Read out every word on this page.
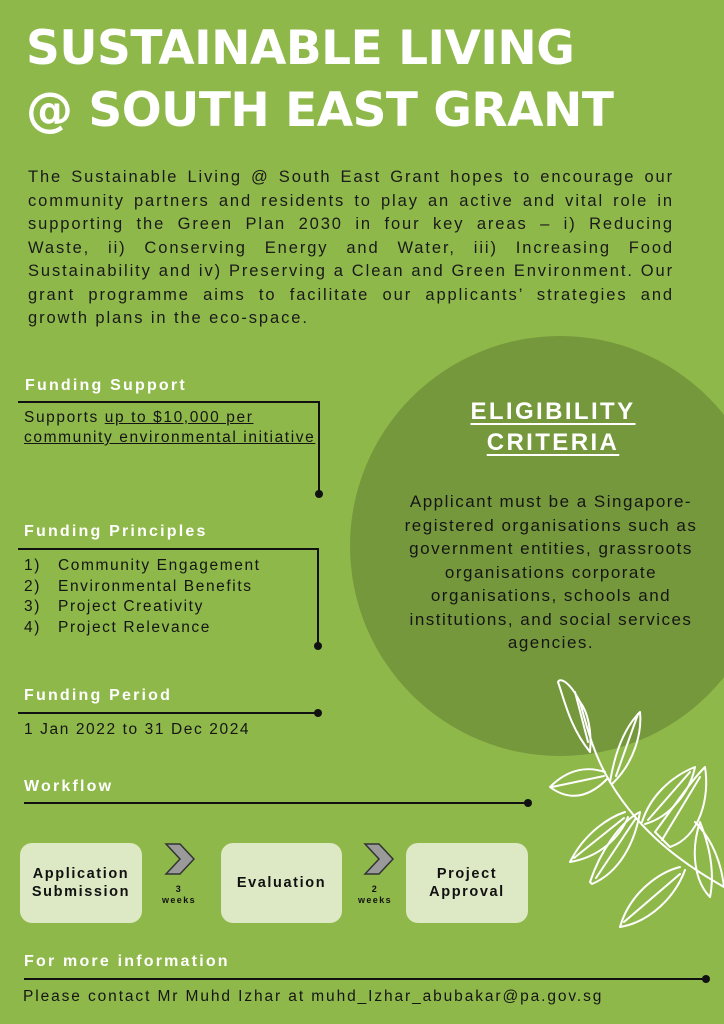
SUSTAINABLE LIVING
@ SOUTH EAST GRANT
The Sustainable Living @ South East Grant hopes to encourage our community partners and residents to play an active and vital role in supporting the Green Plan 2030 in four key areas – i) Reducing Waste, ii) Conserving Energy and Water, iii) Increasing Food Sustainability and iv) Preserving a Clean and Green Environment. Our grant programme aims to facilitate our applicants’ strategies and growth plans in the eco-space.
ELIGIBILITY
CRITERIA
Applicant must be a Singapore-registered organisations such as government entities, grassroots organisations corporate organisations, schools and institutions, and social services agencies.
Funding Support
Supports up to $10,000 per community environmental initiative
Funding Principles
1) Community Engagement
2) Environmental Benefits
3) Project Creativity
4) Project Relevance
Funding Period
1 Jan 2022 to 31 Dec 2024
Workflow
Application
Submission	3
weeks
Evaluation	2
weeks
Project
Approval
For more information
Please contact Mr Muhd Izhar at muhd_Izhar_abubakar@pa.gov.sg
